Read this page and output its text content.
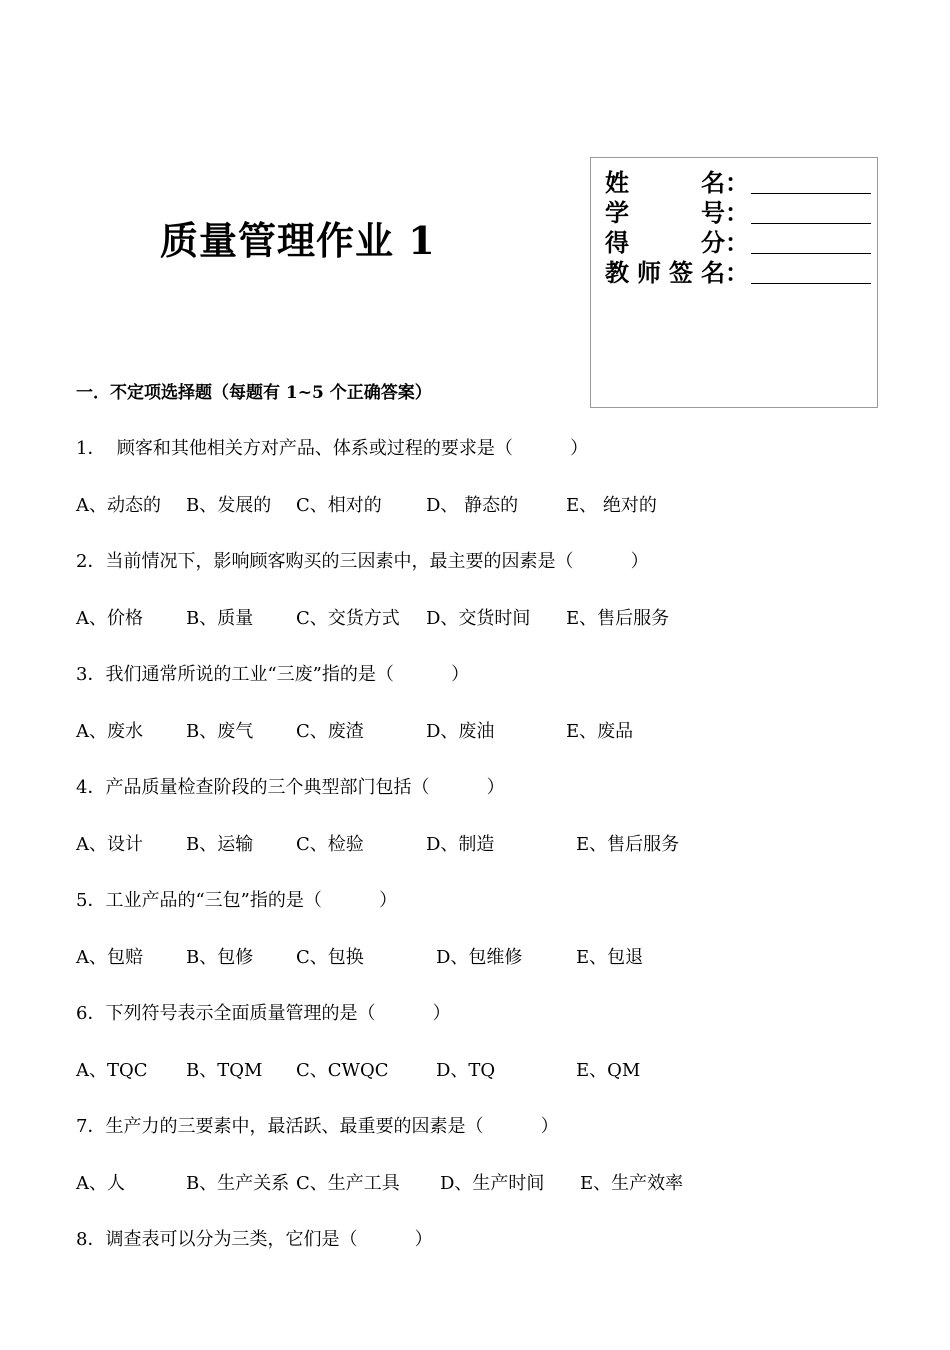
质量管理作业 1
姓	名 ：
学	号 ：
得	分 ：
教 师 签 名 ：
一．不定项选择题（每题有 1~5 个正确答案）
1．  顾客和其他相关方对产品、体系或过程的要求是（          ）
A、动态的 B、发展的 C、相对的 D、 静态的	E、 绝对的
2．当前情况下，影响顾客购买的三因素中，最主要的因素是（          ）
A、价格 B、质量 C、交货方式 D、交货时间 E、售后服务
3．我们通常所说的工业“三废”指的是（          ）
A、废水 B、废气 C、废渣	D、废油	E、废品
4．产品质量检查阶段的三个典型部门包括（          ）
A、设计 B、运输 C、检验	D、制造	E、售后服务
5．工业产品的“三包”指的是（          ）
A、包赔 B、包修 C、包换	D、包维修	E、包退
6．下列符号表示全面质量管理的是（          ）
A、TQC B、TQM C、CWQC	D、TQ	E、QM
7．生产力的三要素中，最活跃、最重要的因素是（          ）
A、人	B、生产关系 C、生产工具 D、生产时间 E、生产效率
8．调查表可以分为三类，它们是（          ）
